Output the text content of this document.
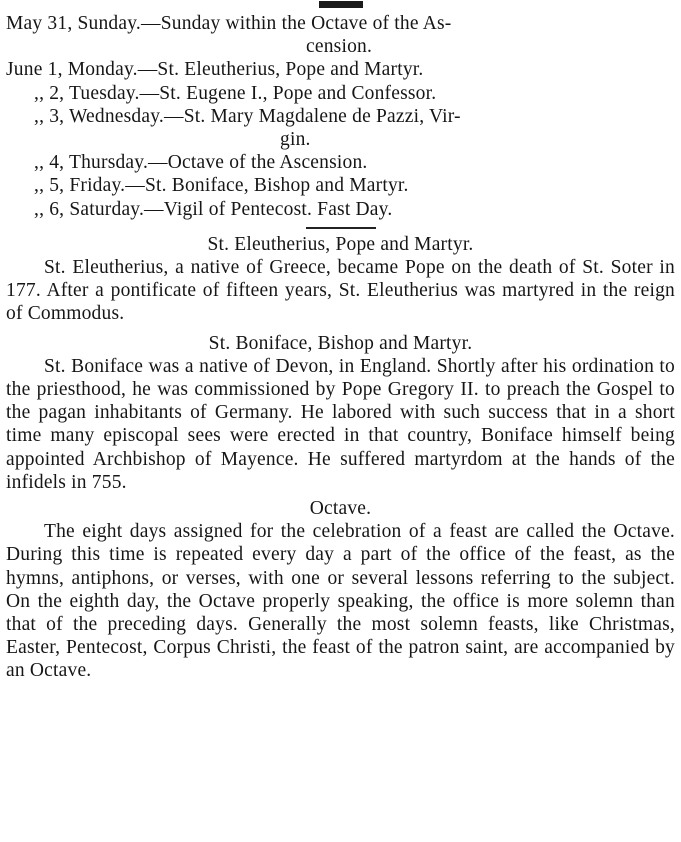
May 31, Sunday.—Sunday within the Octave of the As-
cension.
June 1, Monday.—St. Eleutherius, Pope and Martyr.
,, 2, Tuesday.—St. Eugene I., Pope and Confessor.
,, 3, Wednesday.—St. Mary Magdalene de Pazzi, Vir-
gin.
,, 4, Thursday.—Octave of the Ascension.
,, 5, Friday.—St. Boniface, Bishop and Martyr.
,, 6, Saturday.—Vigil of Pentecost. Fast Day.
St. Eleutherius, Pope and Martyr.

St. Eleutherius, a native of Greece, became Pope on the death of St. Soter in 177. After a pontificate of fifteen years, St. Eleutherius was martyred in the reign of Commodus.

St. Boniface, Bishop and Martyr.

St. Boniface was a native of Devon, in England. Shortly after his ordination to the priesthood, he was commissioned by Pope Gregory II. to preach the Gospel to the pagan inhabitants of Germany. He labored with such success that in a short time many episcopal sees were erected in that country, Boniface himself being appointed Archbishop of Mayence. He suffered martyrdom at the hands of the infidels in 755.

Octave.

The eight days assigned for the celebration of a feast are called the Octave. During this time is repeated every day a part of the office of the feast, as the hymns, antiphons, or verses, with one or several lessons referring to the subject. On the eighth day, the Octave properly speaking, the office is more solemn than that of the preceding days. Generally the most solemn feasts, like Christmas, Easter, Pentecost, Corpus Christi, the feast of the patron saint, are accompanied by an Octave.
